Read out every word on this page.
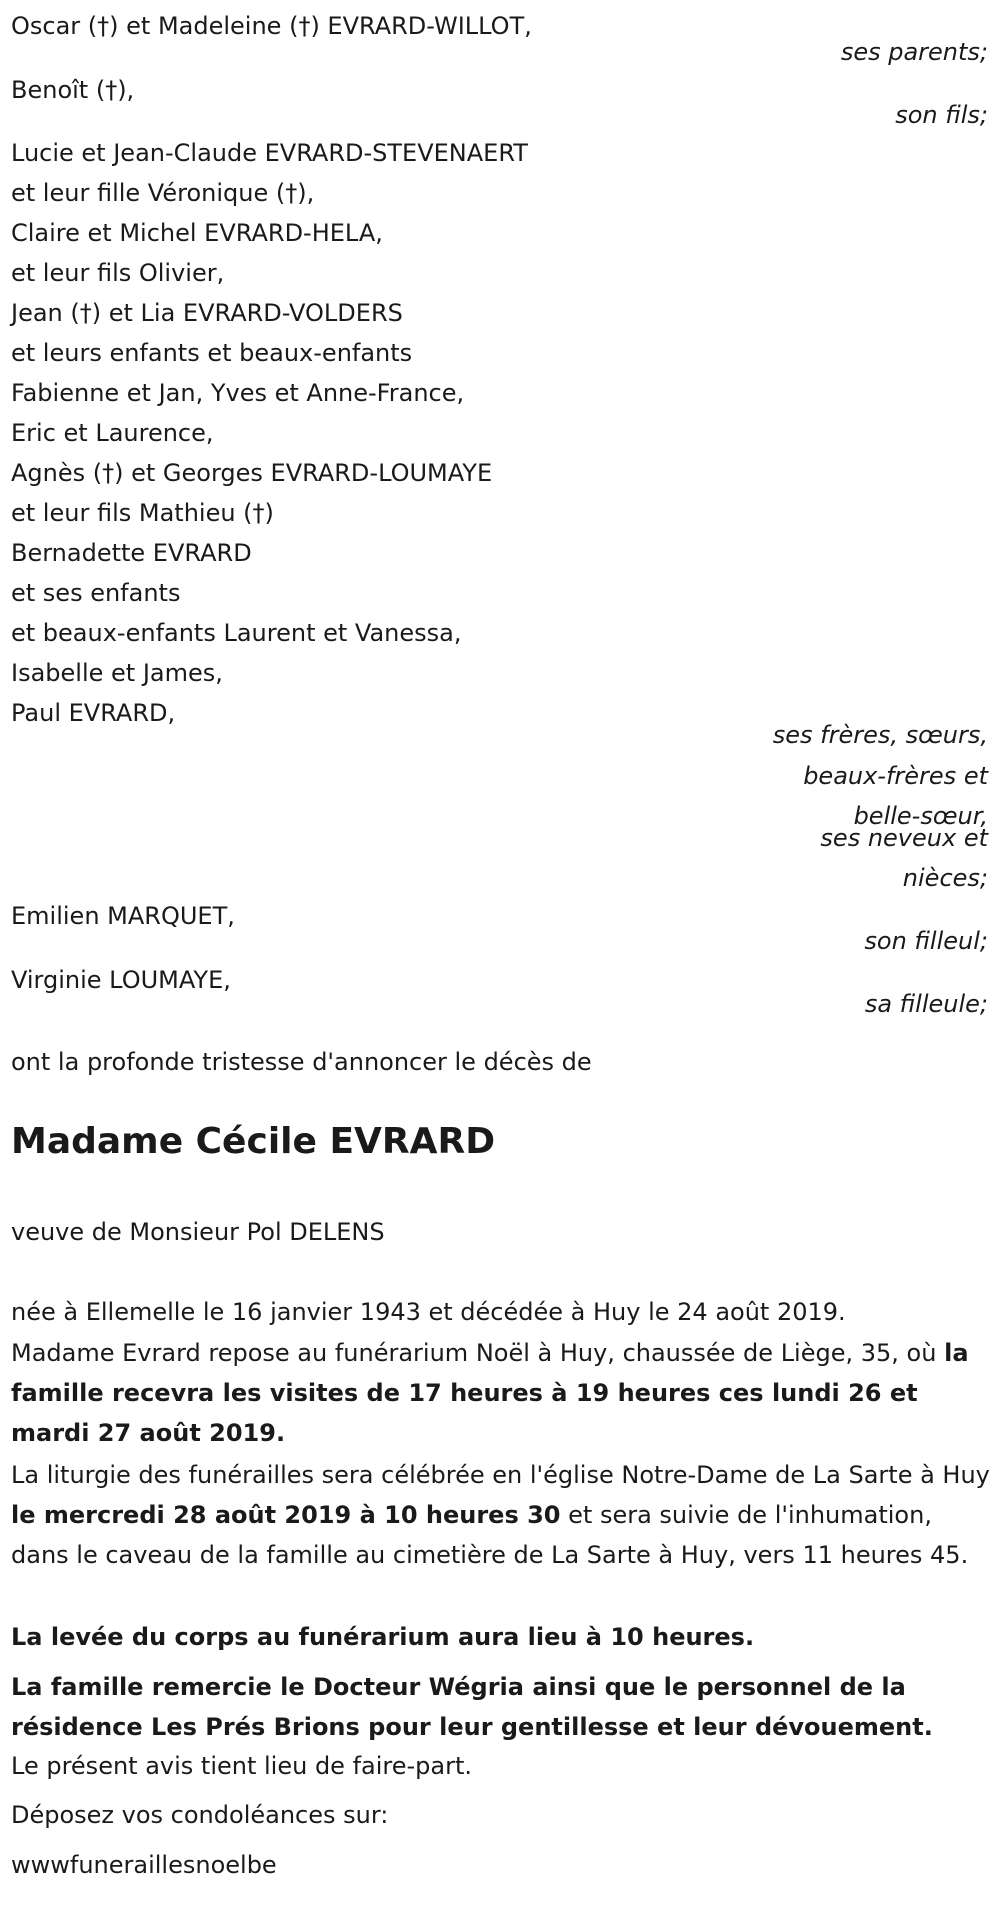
Oscar (†) et Madeleine (†) EVRARD-WILLOT,
Benoît (†),
Lucie et Jean-Claude EVRARD-STEVENAERT
et leur fille Véronique (†),
Claire et Michel EVRARD-HELA,
et leur fils Olivier,
Jean (†) et Lia EVRARD-VOLDERS
et leurs enfants et beaux-enfants
Fabienne et Jan, Yves et Anne-France,
Eric et Laurence,
Agnès (†) et Georges EVRARD-LOUMAYE
et leur fils Mathieu (†)
Bernadette EVRARD
et ses enfants
et beaux-enfants Laurent et Vanessa,
Isabelle et James,
Paul EVRARD,
Emilien MARQUET,
Virginie LOUMAYE,
ses parents;
son fils;
ses frères, sœurs,
beaux-frères et
belle-sœur,
ses neveux et
nièces;
son filleul;
sa filleule;
ont la profonde tristesse d'annoncer le décès de
Madame Cécile EVRARD
veuve de Monsieur Pol DELENS
née à Ellemelle le 16 janvier 1943 et décédée à Huy le 24 août 2019.
Madame Evrard repose au funérarium Noël à Huy, chaussée de Liège, 35, où la famille recevra les visites de 17 heures à 19 heures ces lundi 26 et mardi 27 août 2019.
La liturgie des funérailles sera célébrée en l'église Notre-Dame de La Sarte à Huy le mercredi 28 août 2019 à 10 heures 30 et sera suivie de l'inhumation, dans le caveau de la famille au cimetière de La Sarte à Huy, vers 11 heures 45.
La levée du corps au funérarium aura lieu à 10 heures.
La famille remercie le Docteur Wégria ainsi que le personnel de la résidence Les Prés Brions pour leur gentillesse et leur dévouement.
Le présent avis tient lieu de faire-part.
Déposez vos condoléances sur:
wwwfuneraillesnoelbe
